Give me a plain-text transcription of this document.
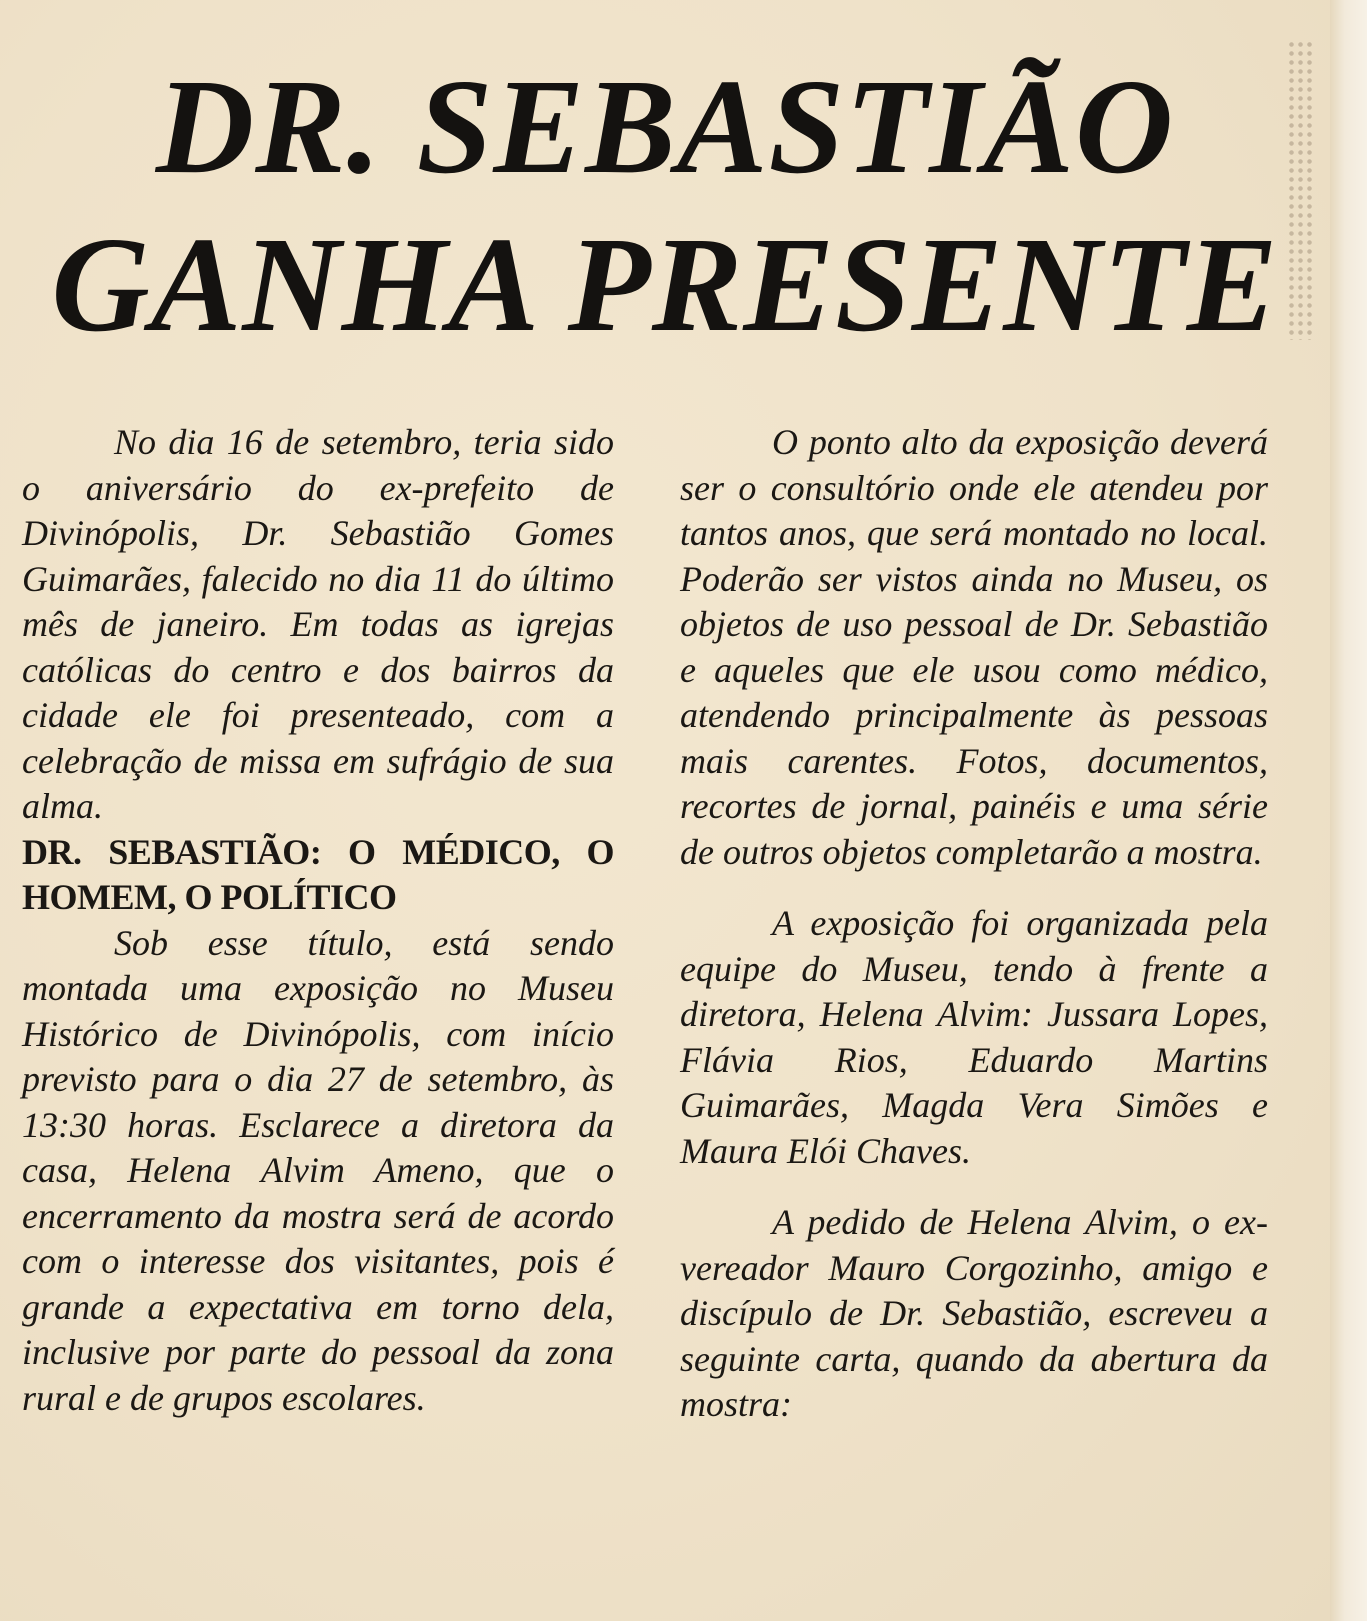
DR. SEBASTIÃO
GANHA PRESENTE

No dia 16 de setembro, teria sido o aniversário do ex-prefeito de Divinópolis, Dr. Sebastião Gomes Guimarães, falecido no dia 11 do último mês de janeiro. Em todas as igrejas católicas do centro e dos bairros da cidade ele foi presenteado, com a celebração de missa em sufrágio de sua alma.

DR. SEBASTIÃO: O MÉDICO, O HOMEM, O POLÍTICO

Sob esse título, está sendo montada uma exposição no Museu Histórico de Divinópolis, com início previsto para o dia 27 de setembro, às 13:30 horas. Esclarece a diretora da casa, Helena Alvim Ameno, que o encerramento da mostra será de acordo com o interesse dos visitantes, pois é grande a expectativa em torno dela, inclusive por parte do pessoal da zona rural e de grupos escolares.

O ponto alto da exposição deverá ser o consultório onde ele atendeu por tantos anos, que será montado no local. Poderão ser vistos ainda no Museu, os objetos de uso pessoal de Dr. Sebastião e aqueles que ele usou como médico, atendendo principalmente às pessoas mais carentes. Fotos, documentos, recortes de jornal, painéis e uma série de outros objetos completarão a mostra.

A exposição foi organizada pela equipe do Museu, tendo à frente a diretora, Helena Alvim: Jussara Lopes, Flávia Rios, Eduardo Martins Guimarães, Magda Vera Simões e Maura Elói Chaves.

A pedido de Helena Alvim, o ex-vereador Mauro Corgozinho, amigo e discípulo de Dr. Sebastião, escreveu a seguinte carta, quando da abertura da mostra:
